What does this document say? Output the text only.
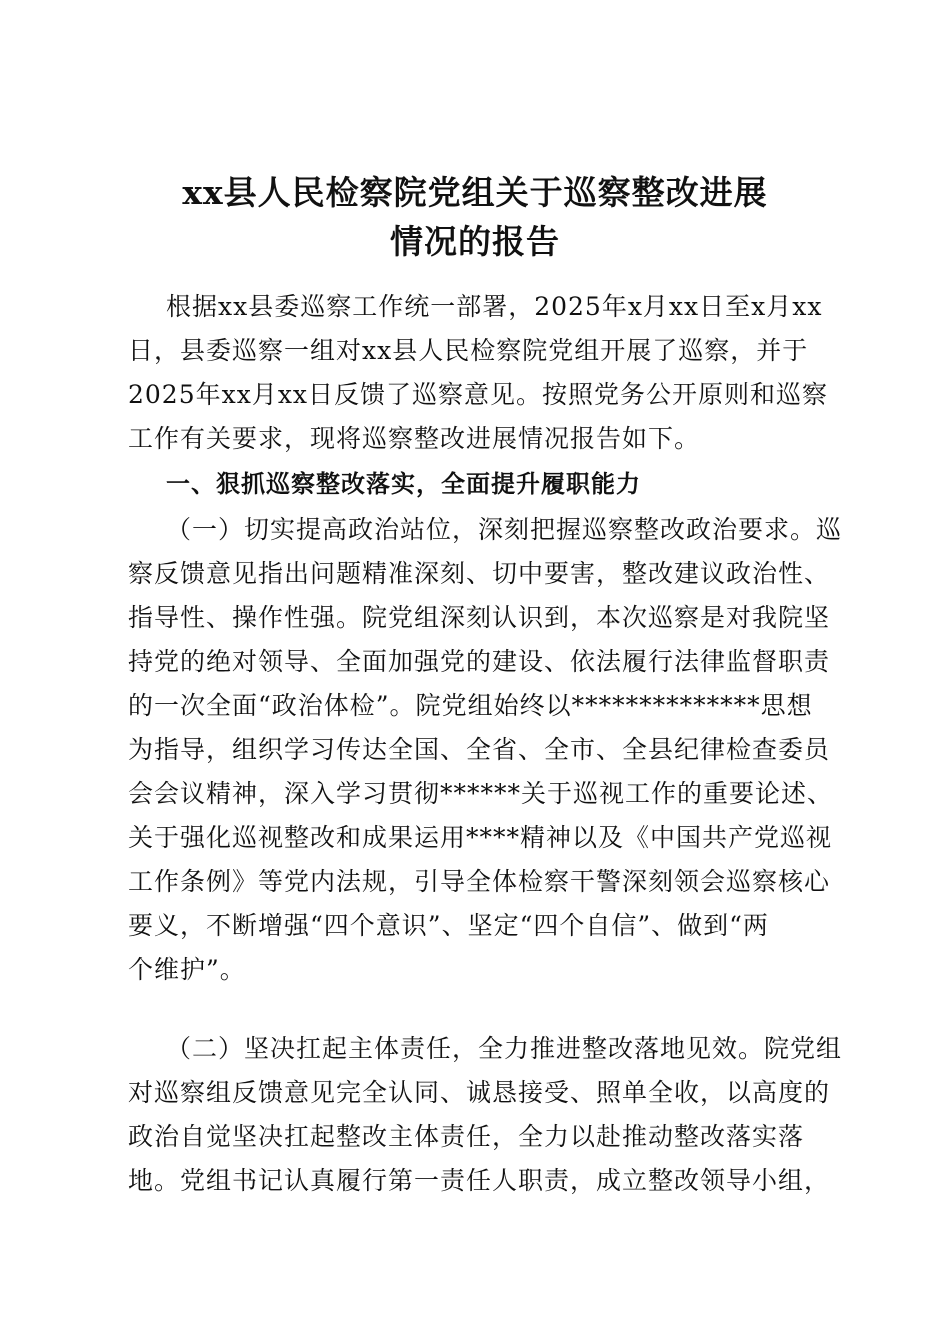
xx县人民检察院党组关于巡察整改进展
情况的报告
根据xx县委巡察工作统一部署，2025年x月xx日至x月xx
日，县委巡察一组对xx县人民检察院党组开展了巡察，并于
2025年xx月xx日反馈了巡察意见。按照党务公开原则和巡察
工作有关要求，现将巡察整改进展情况报告如下。
一、狠抓巡察整改落实，全面提升履职能力
（一）切实提高政治站位，深刻把握巡察整改政治要求。巡
察反馈意见指出问题精准深刻、切中要害，整改建议政治性、
指导性、操作性强。院党组深刻认识到，本次巡察是对我院坚
持党的绝对领导、全面加强党的建设、依法履行法律监督职责
的一次全面“政治体检”。院党组始终以**************思想
为指导，组织学习传达全国、全省、全市、全县纪律检查委员
会会议精神，深入学习贯彻******关于巡视工作的重要论述、
关于强化巡视整改和成果运用****精神以及《中国共产党巡视
工作条例》等党内法规，引导全体检察干警深刻领会巡察核心
要义，不断增强“四个意识”、坚定“四个自信”、做到“两
个维护”。
（二）坚决扛起主体责任，全力推进整改落地见效。院党组
对巡察组反馈意见完全认同、诚恳接受、照单全收，以高度的
政治自觉坚决扛起整改主体责任，全力以赴推动整改落实落
地。党组书记认真履行第一责任人职责，成立整改领导小组，
